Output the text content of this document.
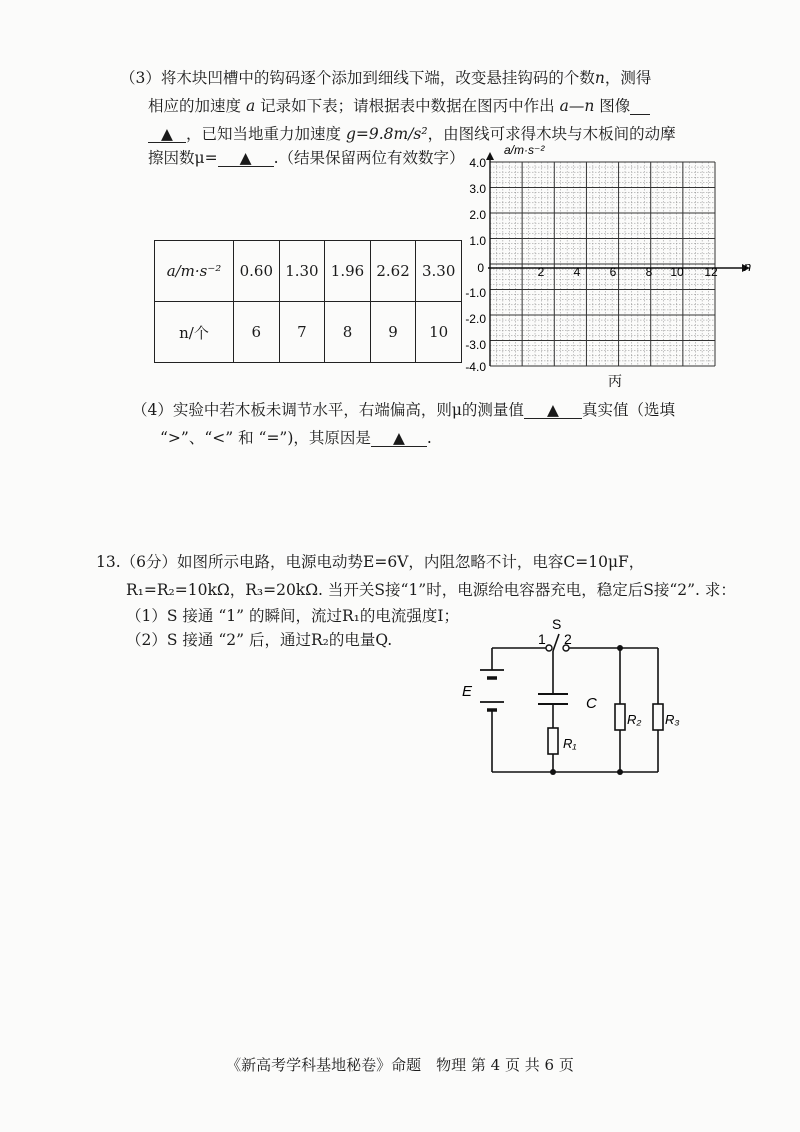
（3）将木块凹槽中的钩码逐个添加到细线下端，改变悬挂钩码的个数n，测得
相应的加速度 a 记录如下表；请根据表中数据在图丙中作出 a—n 图像
▲ ，已知当地重力加速度 g=9.8m/s²，由图线可求得木块与木板间的动摩
擦因数μ= ▲ .（结果保留两位有效数字）
a/m·s⁻²	0.60	1.30	1.96	2.62	3.30
n/个	6	7	8	9	10
a/m·s⁻²
n
丙
4.0
3.0
2.0
1.0
0
-1.0
-2.0
-3.0
-4.0
2 4 6 8 10 12
（4）实验中若木板未调节水平，右端偏高，则μ的测量值 ▲ 真实值（选填
“>”、“<” 和 “=”)，其原因是 ▲ .
13.（6分）如图所示电路，电源电动势E=6V，内阻忽略不计，电容C=10μF，
R₁=R₂=10kΩ，R₃=20kΩ. 当开关S接“1”时，电源给电容器充电，稳定后S接“2”. 求：
（1）S 接通 “1” 的瞬间，流过R₁的电流强度I；
（2）S 接通 “2” 后，通过R₂的电量Q.
S
1 2
E
C
R₁
R₂ R₃
《新高考学科基地秘卷》命题　物理 第 4 页 共 6 页
